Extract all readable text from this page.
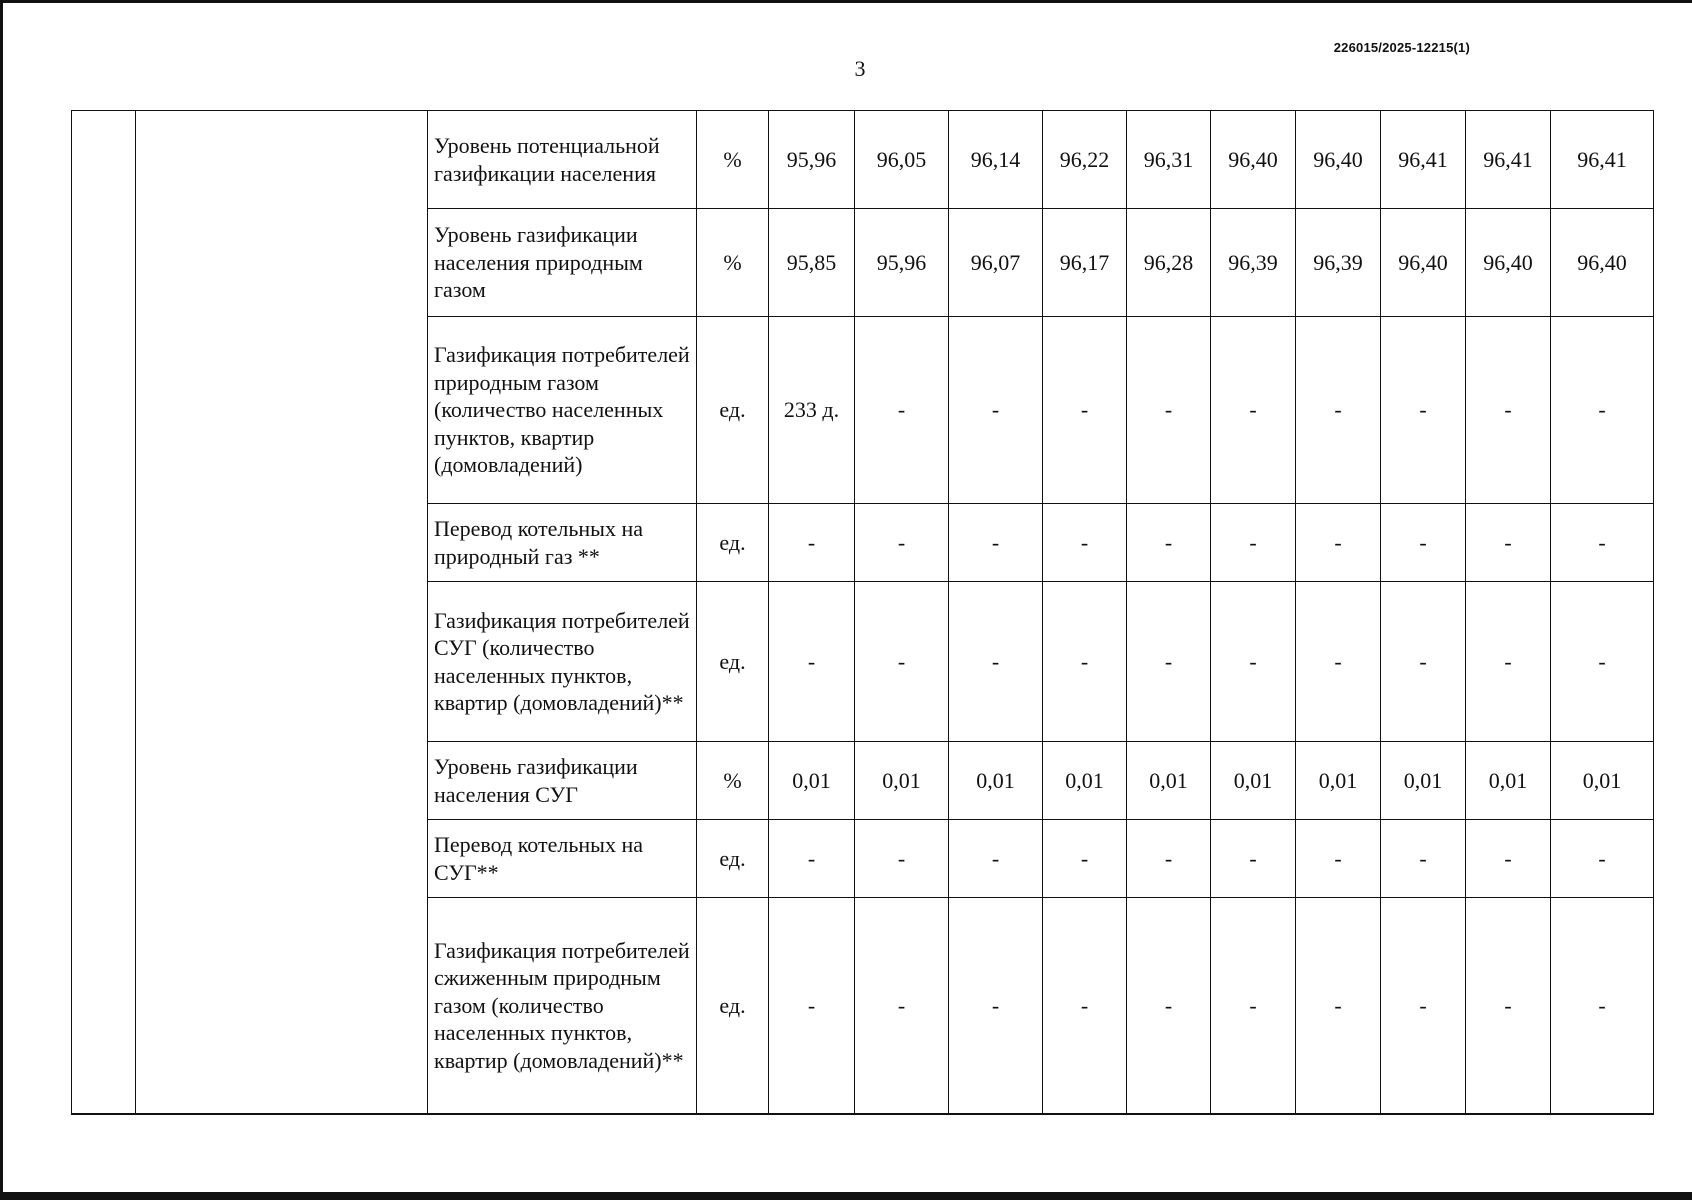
226015/2025-12215(1)
3
		Уровень потенциальной газификации населения	%	95,96	96,05	96,14	96,22	96,31	96,40	96,40	96,41	96,41	96,41
		Уровень газификации населения природным газом	%	95,85	95,96	96,07	96,17	96,28	96,39	96,39	96,40	96,40	96,40
		Газификация потребителей природным газом (количество населенных пунктов, квартир (домовладений)	ед.	233 д.	-	-	-	-	-	-	-	-	-
		Перевод котельных на природный газ **	ед.	-	-	-	-	-	-	-	-	-	-
		Газификация потребителей СУГ (количество населенных пунктов, квартир (домовладений)**	ед.	-	-	-	-	-	-	-	-	-	-
		Уровень газификации населения СУГ	%	0,01	0,01	0,01	0,01	0,01	0,01	0,01	0,01	0,01	0,01
		Перевод котельных на СУГ**	ед.	-	-	-	-	-	-	-	-	-	-
		Газификация потребителей сжиженным природным газом (количество населенных пунктов, квартир (домовладений)**	ед.	-	-	-	-	-	-	-	-	-	-
